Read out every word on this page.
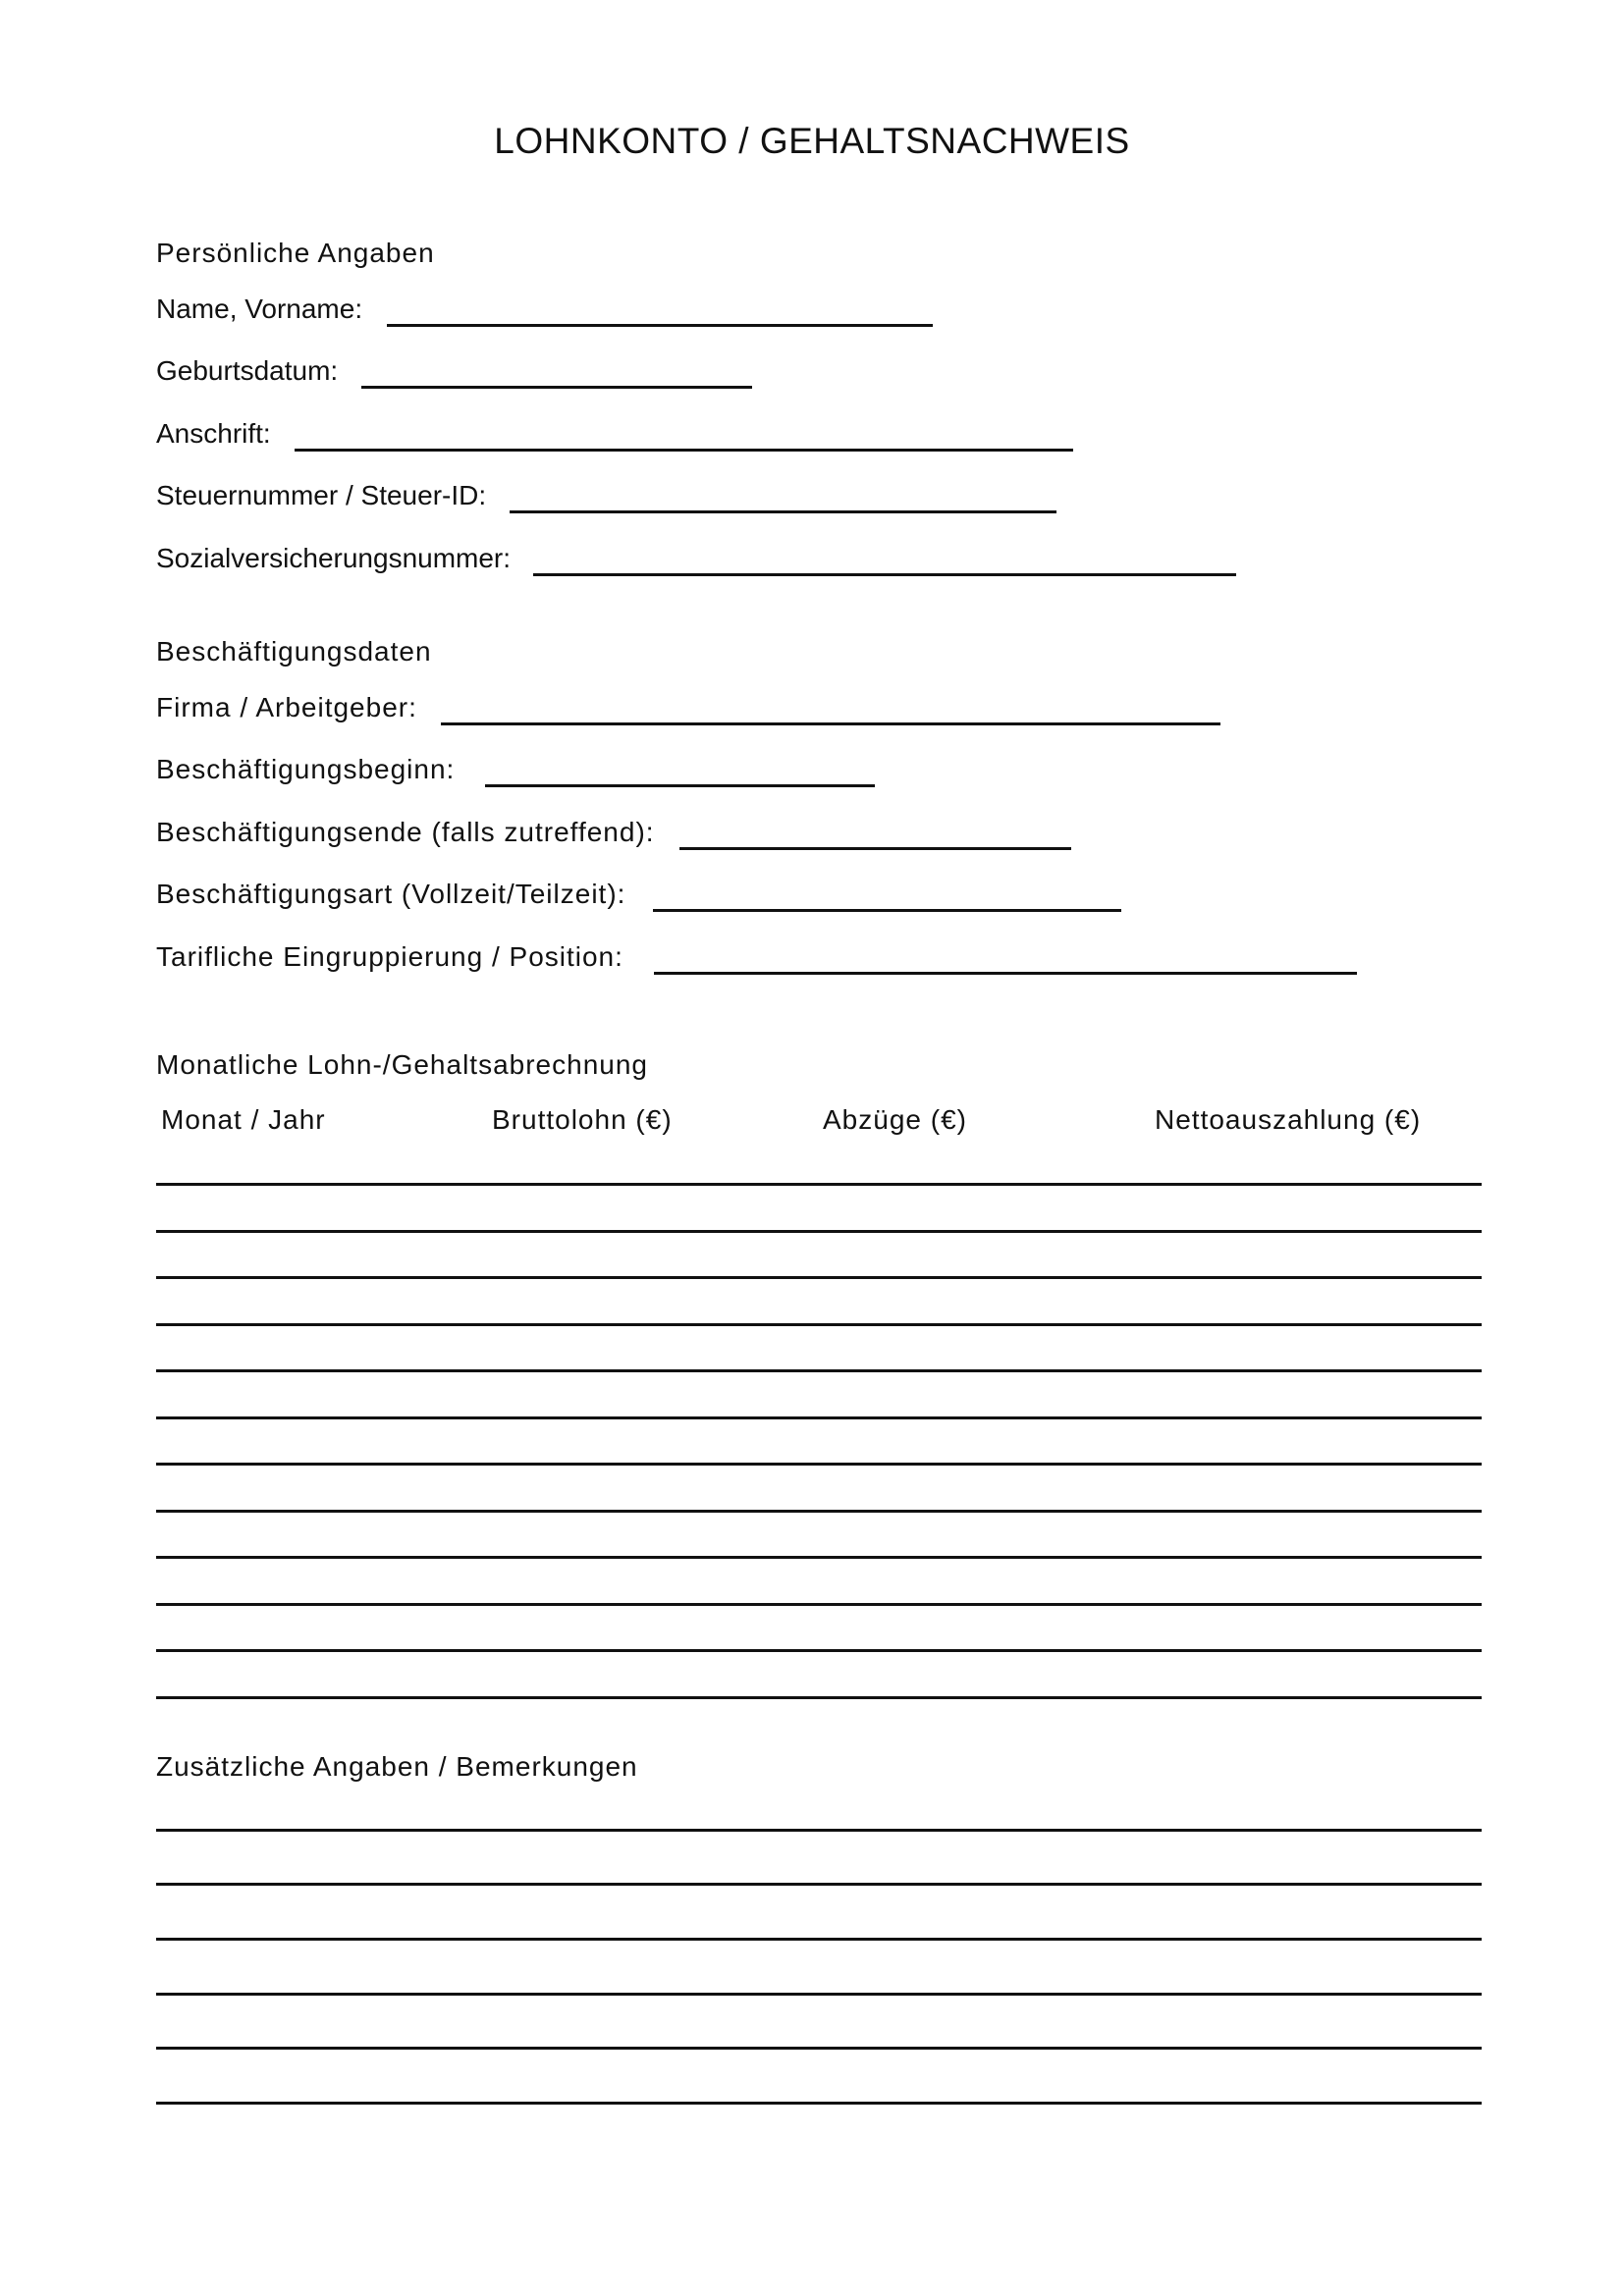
LOHNKONTO / GEHALTSNACHWEIS
Persönliche Angaben
Name, Vorname:
Geburtsdatum:
Anschrift:
Steuernummer / Steuer-ID:
Sozialversicherungsnummer:
Beschäftigungsdaten
Firma / Arbeitgeber:
Beschäftigungsbeginn:
Beschäftigungsende (falls zutreffend):
Beschäftigungsart (Vollzeit/Teilzeit):
Tarifliche Eingruppierung / Position:
Monatliche Lohn-/Gehaltsabrechnung
Monat / Jahr	Bruttolohn (€)	Abzüge (€)	Nettoauszahlung (€)
Zusätzliche Angaben / Bemerkungen
